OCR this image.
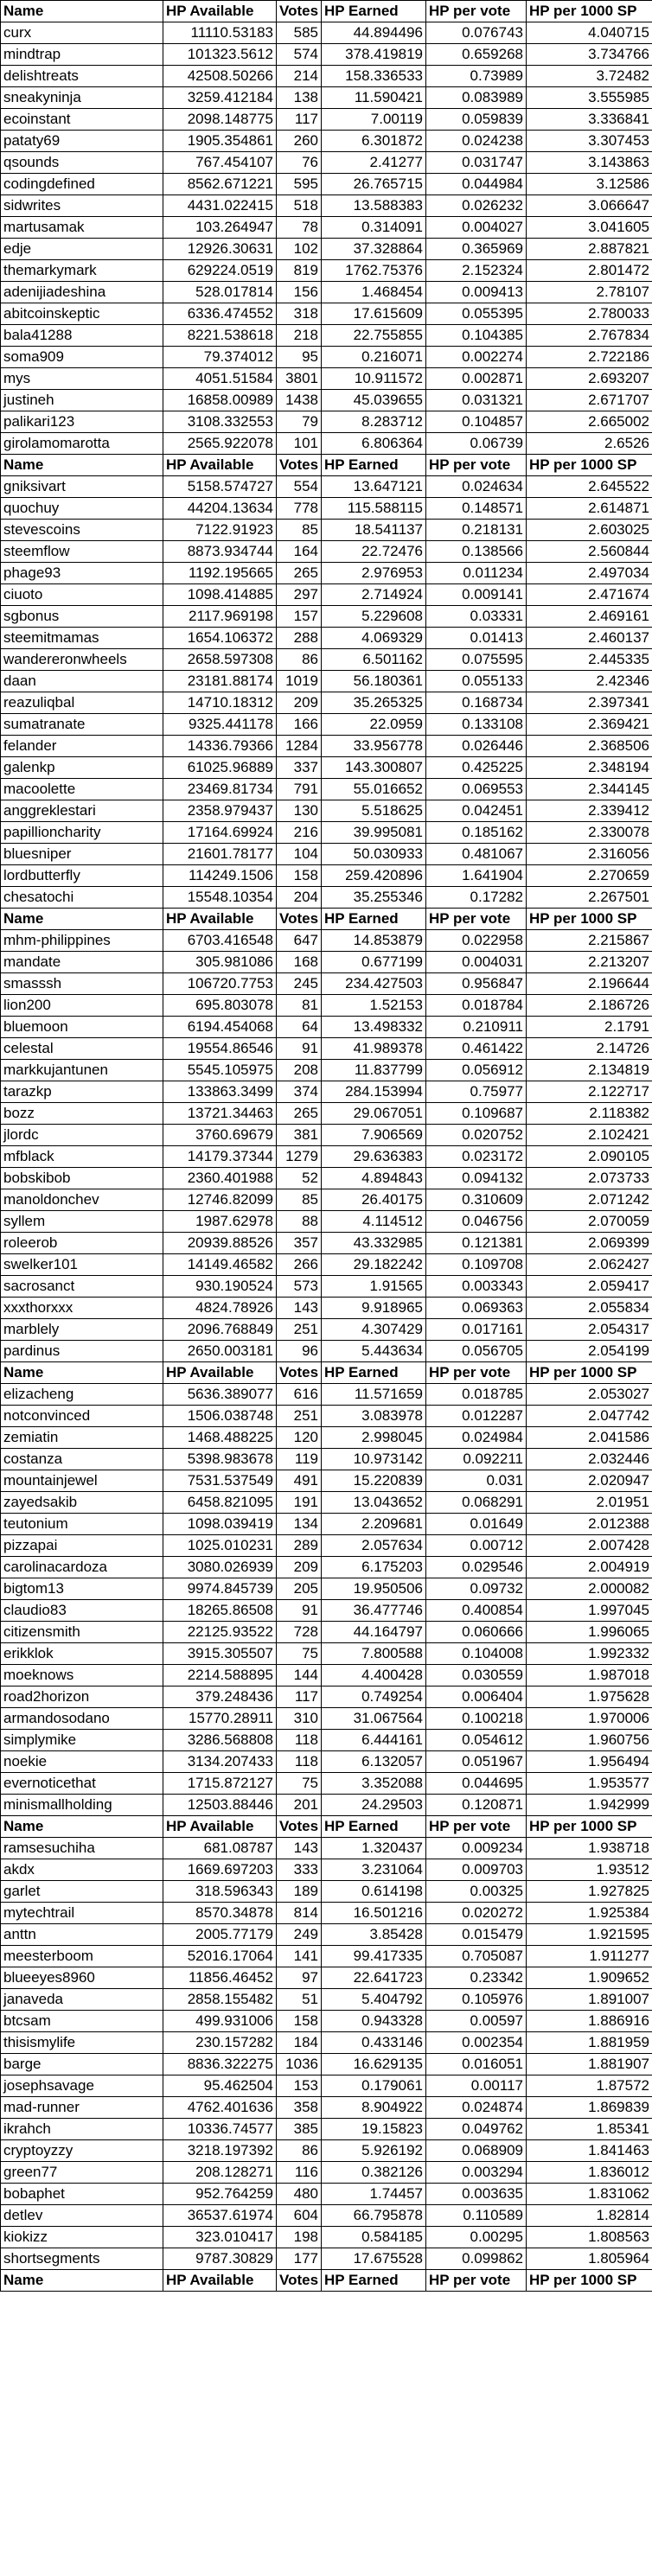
Name	HP Available	Votes	HP Earned	HP per vote	HP per 1000 SP
curx	11110.53183	585	44.894496	0.076743	4.040715
mindtrap	101323.5612	574	378.419819	0.659268	3.734766
delishtreats	42508.50266	214	158.336533	0.73989	3.72482
sneakyninja	3259.412184	138	11.590421	0.083989	3.555985
ecoinstant	2098.148775	117	7.00119	0.059839	3.336841
pataty69	1905.354861	260	6.301872	0.024238	3.307453
qsounds	767.454107	76	2.41277	0.031747	3.143863
codingdefined	8562.671221	595	26.765715	0.044984	3.12586
sidwrites	4431.022415	518	13.588383	0.026232	3.066647
martusamak	103.264947	78	0.314091	0.004027	3.041605
edje	12926.30631	102	37.328864	0.365969	2.887821
themarkymark	629224.0519	819	1762.75376	2.152324	2.801472
adenijiadeshina	528.017814	156	1.468454	0.009413	2.78107
abitcoinskeptic	6336.474552	318	17.615609	0.055395	2.780033
bala41288	8221.538618	218	22.755855	0.104385	2.767834
soma909	79.374012	95	0.216071	0.002274	2.722186
mys	4051.51584	3801	10.911572	0.002871	2.693207
justineh	16858.00989	1438	45.039655	0.031321	2.671707
palikari123	3108.332553	79	8.283712	0.104857	2.665002
girolamomarotta	2565.922078	101	6.806364	0.06739	2.6526
Name	HP Available	Votes	HP Earned	HP per vote	HP per 1000 SP
gniksivart	5158.574727	554	13.647121	0.024634	2.645522
quochuy	44204.13634	778	115.588115	0.148571	2.614871
stevescoins	7122.91923	85	18.541137	0.218131	2.603025
steemflow	8873.934744	164	22.72476	0.138566	2.560844
phage93	1192.195665	265	2.976953	0.011234	2.497034
ciuoto	1098.414885	297	2.714924	0.009141	2.471674
sgbonus	2117.969198	157	5.229608	0.03331	2.469161
steemitmamas	1654.106372	288	4.069329	0.01413	2.460137
wandereronwheels	2658.597308	86	6.501162	0.075595	2.445335
daan	23181.88174	1019	56.180361	0.055133	2.42346
reazuliqbal	14710.18312	209	35.265325	0.168734	2.397341
sumatranate	9325.441178	166	22.0959	0.133108	2.369421
felander	14336.79366	1284	33.956778	0.026446	2.368506
galenkp	61025.96889	337	143.300807	0.425225	2.348194
macoolette	23469.81734	791	55.016652	0.069553	2.344145
anggreklestari	2358.979437	130	5.518625	0.042451	2.339412
papillioncharity	17164.69924	216	39.995081	0.185162	2.330078
bluesniper	21601.78177	104	50.030933	0.481067	2.316056
lordbutterfly	114249.1506	158	259.420896	1.641904	2.270659
chesatochi	15548.10354	204	35.255346	0.17282	2.267501
Name	HP Available	Votes	HP Earned	HP per vote	HP per 1000 SP
mhm-philippines	6703.416548	647	14.853879	0.022958	2.215867
mandate	305.981086	168	0.677199	0.004031	2.213207
smasssh	106720.7753	245	234.427503	0.956847	2.196644
lion200	695.803078	81	1.52153	0.018784	2.186726
bluemoon	6194.454068	64	13.498332	0.210911	2.1791
celestal	19554.86546	91	41.989378	0.461422	2.14726
markkujantunen	5545.105975	208	11.837799	0.056912	2.134819
tarazkp	133863.3499	374	284.153994	0.75977	2.122717
bozz	13721.34463	265	29.067051	0.109687	2.118382
jlordc	3760.69679	381	7.906569	0.020752	2.102421
mfblack	14179.37344	1279	29.636383	0.023172	2.090105
bobskibob	2360.401988	52	4.894843	0.094132	2.073733
manoldonchev	12746.82099	85	26.40175	0.310609	2.071242
syllem	1987.62978	88	4.114512	0.046756	2.070059
roleerob	20939.88526	357	43.332985	0.121381	2.069399
swelker101	14149.46582	266	29.182242	0.109708	2.062427
sacrosanct	930.190524	573	1.91565	0.003343	2.059417
xxxthorxxx	4824.78926	143	9.918965	0.069363	2.055834
marblely	2096.768849	251	4.307429	0.017161	2.054317
pardinus	2650.003181	96	5.443634	0.056705	2.054199
Name	HP Available	Votes	HP Earned	HP per vote	HP per 1000 SP
elizacheng	5636.389077	616	11.571659	0.018785	2.053027
notconvinced	1506.038748	251	3.083978	0.012287	2.047742
zemiatin	1468.488225	120	2.998045	0.024984	2.041586
costanza	5398.983678	119	10.973142	0.092211	2.032446
mountainjewel	7531.537549	491	15.220839	0.031	2.020947
zayedsakib	6458.821095	191	13.043652	0.068291	2.01951
teutonium	1098.039419	134	2.209681	0.01649	2.012388
pizzapai	1025.010231	289	2.057634	0.00712	2.007428
carolinacardoza	3080.026939	209	6.175203	0.029546	2.004919
bigtom13	9974.845739	205	19.950506	0.09732	2.000082
claudio83	18265.86508	91	36.477746	0.400854	1.997045
citizensmith	22125.93522	728	44.164797	0.060666	1.996065
erikklok	3915.305507	75	7.800588	0.104008	1.992332
moeknows	2214.588895	144	4.400428	0.030559	1.987018
road2horizon	379.248436	117	0.749254	0.006404	1.975628
armandosodano	15770.28911	310	31.067564	0.100218	1.970006
simplymike	3286.568808	118	6.444161	0.054612	1.960756
noekie	3134.207433	118	6.132057	0.051967	1.956494
evernoticethat	1715.872127	75	3.352088	0.044695	1.953577
minismallholding	12503.88446	201	24.29503	0.120871	1.942999
Name	HP Available	Votes	HP Earned	HP per vote	HP per 1000 SP
ramsesuchiha	681.08787	143	1.320437	0.009234	1.938718
akdx	1669.697203	333	3.231064	0.009703	1.93512
garlet	318.596343	189	0.614198	0.00325	1.927825
mytechtrail	8570.34878	814	16.501216	0.020272	1.925384
anttn	2005.77179	249	3.85428	0.015479	1.921595
meesterboom	52016.17064	141	99.417335	0.705087	1.911277
blueeyes8960	11856.46452	97	22.641723	0.23342	1.909652
janaveda	2858.155482	51	5.404792	0.105976	1.891007
btcsam	499.931006	158	0.943328	0.00597	1.886916
thisismylife	230.157282	184	0.433146	0.002354	1.881959
barge	8836.322275	1036	16.629135	0.016051	1.881907
josephsavage	95.462504	153	0.179061	0.00117	1.87572
mad-runner	4762.401636	358	8.904922	0.024874	1.869839
ikrahch	10336.74577	385	19.15823	0.049762	1.85341
cryptoyzzy	3218.197392	86	5.926192	0.068909	1.841463
green77	208.128271	116	0.382126	0.003294	1.836012
bobaphet	952.764259	480	1.74457	0.003635	1.831062
detlev	36537.61974	604	66.795878	0.110589	1.82814
kiokizz	323.010417	198	0.584185	0.00295	1.808563
shortsegments	9787.30829	177	17.675528	0.099862	1.805964
Name	HP Available	Votes	HP Earned	HP per vote	HP per 1000 SP
